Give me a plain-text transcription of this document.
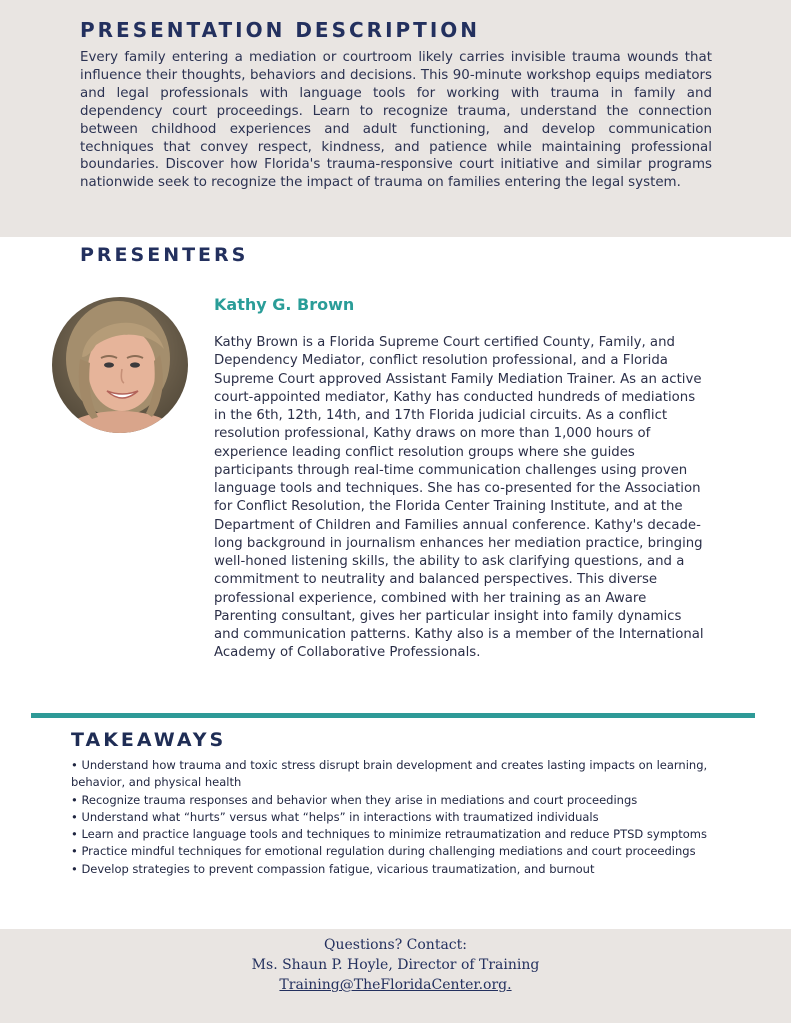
PRESENTATION DESCRIPTION

Every family entering a mediation or courtroom likely carries invisible trauma wounds that influence their thoughts, behaviors and decisions. This 90-minute workshop equips mediators and legal professionals with language tools for working with trauma in family and dependency court proceedings. Learn to recognize trauma, understand the connection between childhood experiences and adult functioning, and develop communication techniques that convey respect, kindness, and patience while maintaining professional boundaries. Discover how Florida's trauma-responsive court initiative and similar programs nationwide seek to recognize the impact of trauma on families entering the legal system.

PRESENTERS
Kathy G. Brown

Kathy Brown is a Florida Supreme Court certified County, Family, and Dependency Mediator, conflict resolution professional, and a Florida Supreme Court approved Assistant Family Mediation Trainer. As an active court-appointed mediator, Kathy has conducted hundreds of mediations in the 6th, 12th, 14th, and 17th Florida judicial circuits. As a conflict resolution professional, Kathy draws on more than 1,000 hours of experience leading conflict resolution groups where she guides participants through real-time communication challenges using proven language tools and techniques. She has co-presented for the Association for Conflict Resolution, the Florida Center Training Institute, and at the Department of Children and Families annual conference. Kathy's decade-long background in journalism enhances her mediation practice, bringing well-honed listening skills, the ability to ask clarifying questions, and a commitment to neutrality and balanced perspectives. This diverse professional experience, combined with her training as an Aware Parenting consultant, gives her particular insight into family dynamics and communication patterns. Kathy also is a member of the International Academy of Collaborative Professionals.

TAKEAWAYS
• Understand how trauma and toxic stress disrupt brain development and creates lasting impacts on learning, behavior, and physical health
• Recognize trauma responses and behavior when they arise in mediations and court proceedings
• Understand what “hurts” versus what “helps” in interactions with traumatized individuals
• Learn and practice language tools and techniques to minimize retraumatization and reduce PTSD symptoms
• Practice mindful techniques for emotional regulation during challenging mediations and court proceedings
• Develop strategies to prevent compassion fatigue, vicarious traumatization, and burnout
Questions? Contact:
Ms. Shaun P. Hoyle, Director of Training
Training@TheFloridaCenter.org.
